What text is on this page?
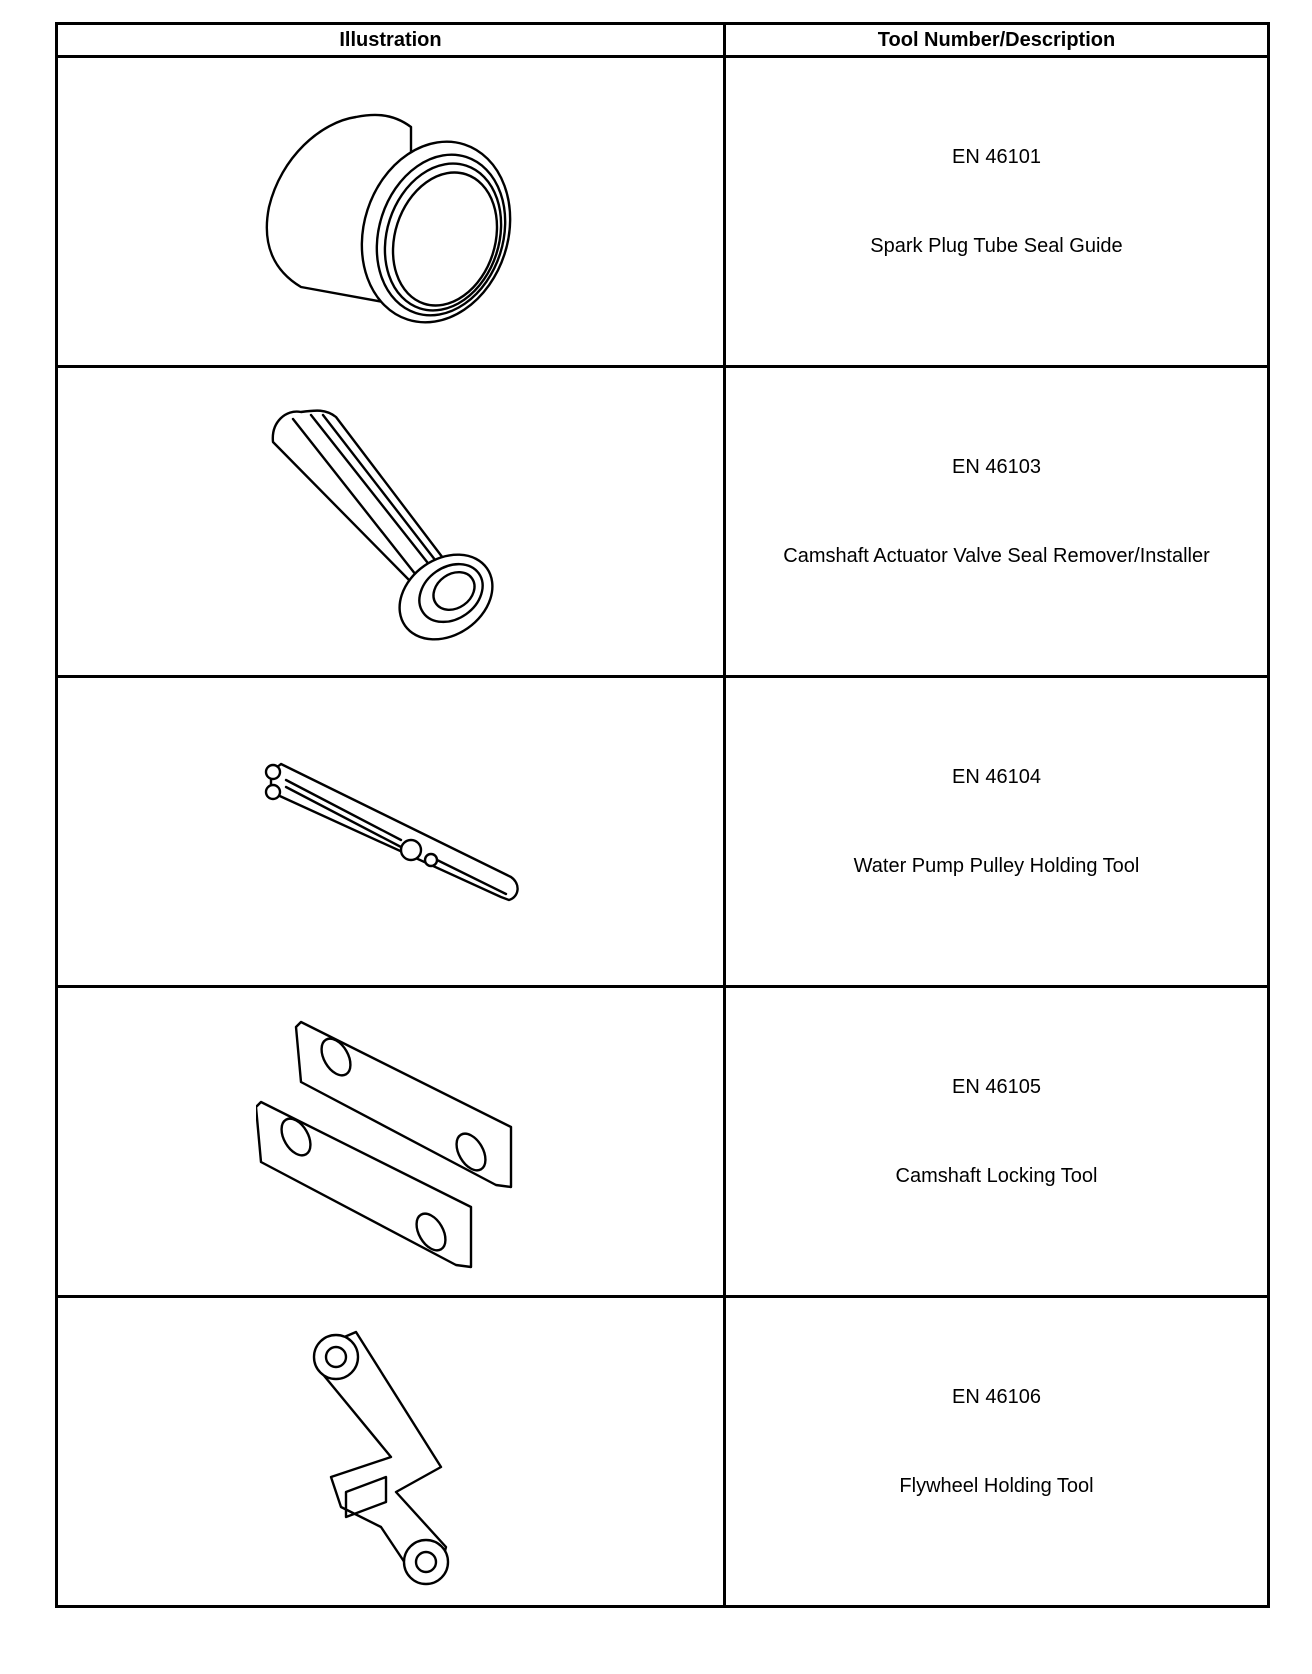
Illustration	Tool Number/Description

EN 46101
Spark Plug Tube Seal Guide

EN 46103
Camshaft Actuator Valve Seal Remover/Installer

EN 46104
Water Pump Pulley Holding Tool

EN 46105
Camshaft Locking Tool

EN 46106
Flywheel Holding Tool
